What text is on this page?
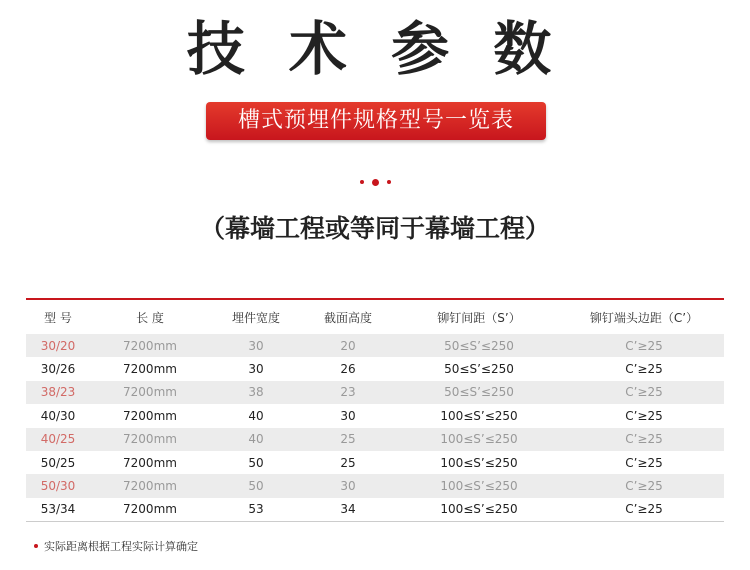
技 术 参 数
槽式预埋件规格型号一览表
（幕墙工程或等同于幕墙工程）
型 号	长 度	埋件宽度	截面高度	铆钉间距（S’）	铆钉端头边距（C’）
30/20	7200mm	30	20	50≤S’≤250	C’≥25
30/26	7200mm	30	26	50≤S’≤250	C’≥25
38/23	7200mm	38	23	50≤S’≤250	C’≥25
40/30	7200mm	40	30	100≤S’≤250	C’≥25
40/25	7200mm	40	25	100≤S’≤250	C’≥25
50/25	7200mm	50	25	100≤S’≤250	C’≥25
50/30	7200mm	50	30	100≤S’≤250	C’≥25
53/34	7200mm	53	34	100≤S’≤250	C’≥25
实际距离根据工程实际计算确定
